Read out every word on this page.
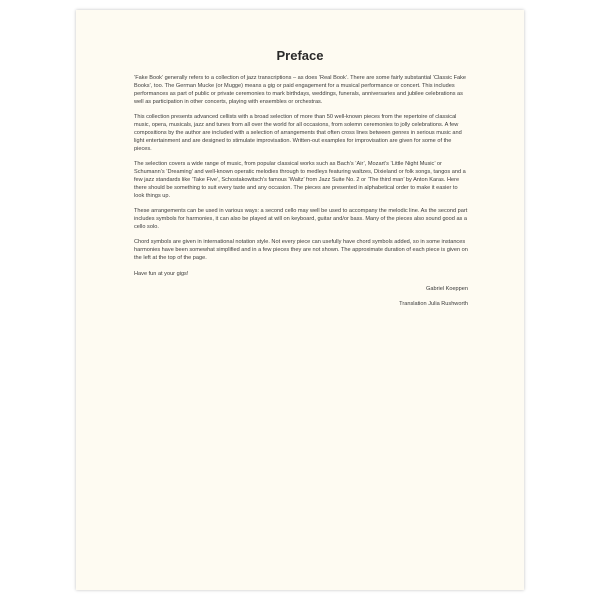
Preface

‘Fake Book’ generally refers to a collection of jazz transcriptions – as does ‘Real Book’. There are some fairly substantial ‘Classic Fake Books’, too. The German Mucke (or Mugge) means a gig or paid engagement for a musical performance or concert. This includes performances as part of public or private ceremonies to mark birthdays, weddings, funerals, anniversaries and jubilee celebrations as well as participation in other concerts, playing with ensembles or orchestras.

This collection presents advanced cellists with a broad selection of more than 50 well-known pieces from the repertoire of classical music, opera, musicals, jazz and tunes from all over the world for all occasions, from solemn ceremonies to jolly celebrations. A few compositions by the author are included with a selection of arrangements that often cross lines between genres in serious music and light entertainment and are designed to stimulate improvisation. Written-out examples for improvisation are given for some of the pieces.

The selection covers a wide range of music, from popular classical works such as Bach’s ‘Air’, Mozart’s ‘Little Night Music’ or Schumann’s ‘Dreaming’ and well-known operatic melodies through to medleys featuring waltzes, Dixieland or folk songs, tangos and a few jazz standards like ‘Take Five’, Schostakowitsch’s famous ‘Waltz’ from Jazz Suite No. 2 or ‘The third man’ by Anton Karas. Here there should be something to suit every taste and any occasion. The pieces are presented in alphabetical order to make it easier to look things up.

These arrangements can be used in various ways: a second cello may well be used to accompany the melodic line. As the second part includes symbols for harmonies, it can also be played at will on keyboard, guitar and/or bass. Many of the pieces also sound good as a cello solo.

Chord symbols are given in international notation style. Not every piece can usefully have chord symbols added, so in some instances harmonies have been somewhat simplified and in a few pieces they are not shown. The approximate duration of each piece is given on the left at the top of the page.

Have fun at your gigs!

Gabriel Koeppen

Translation Julia Rushworth
